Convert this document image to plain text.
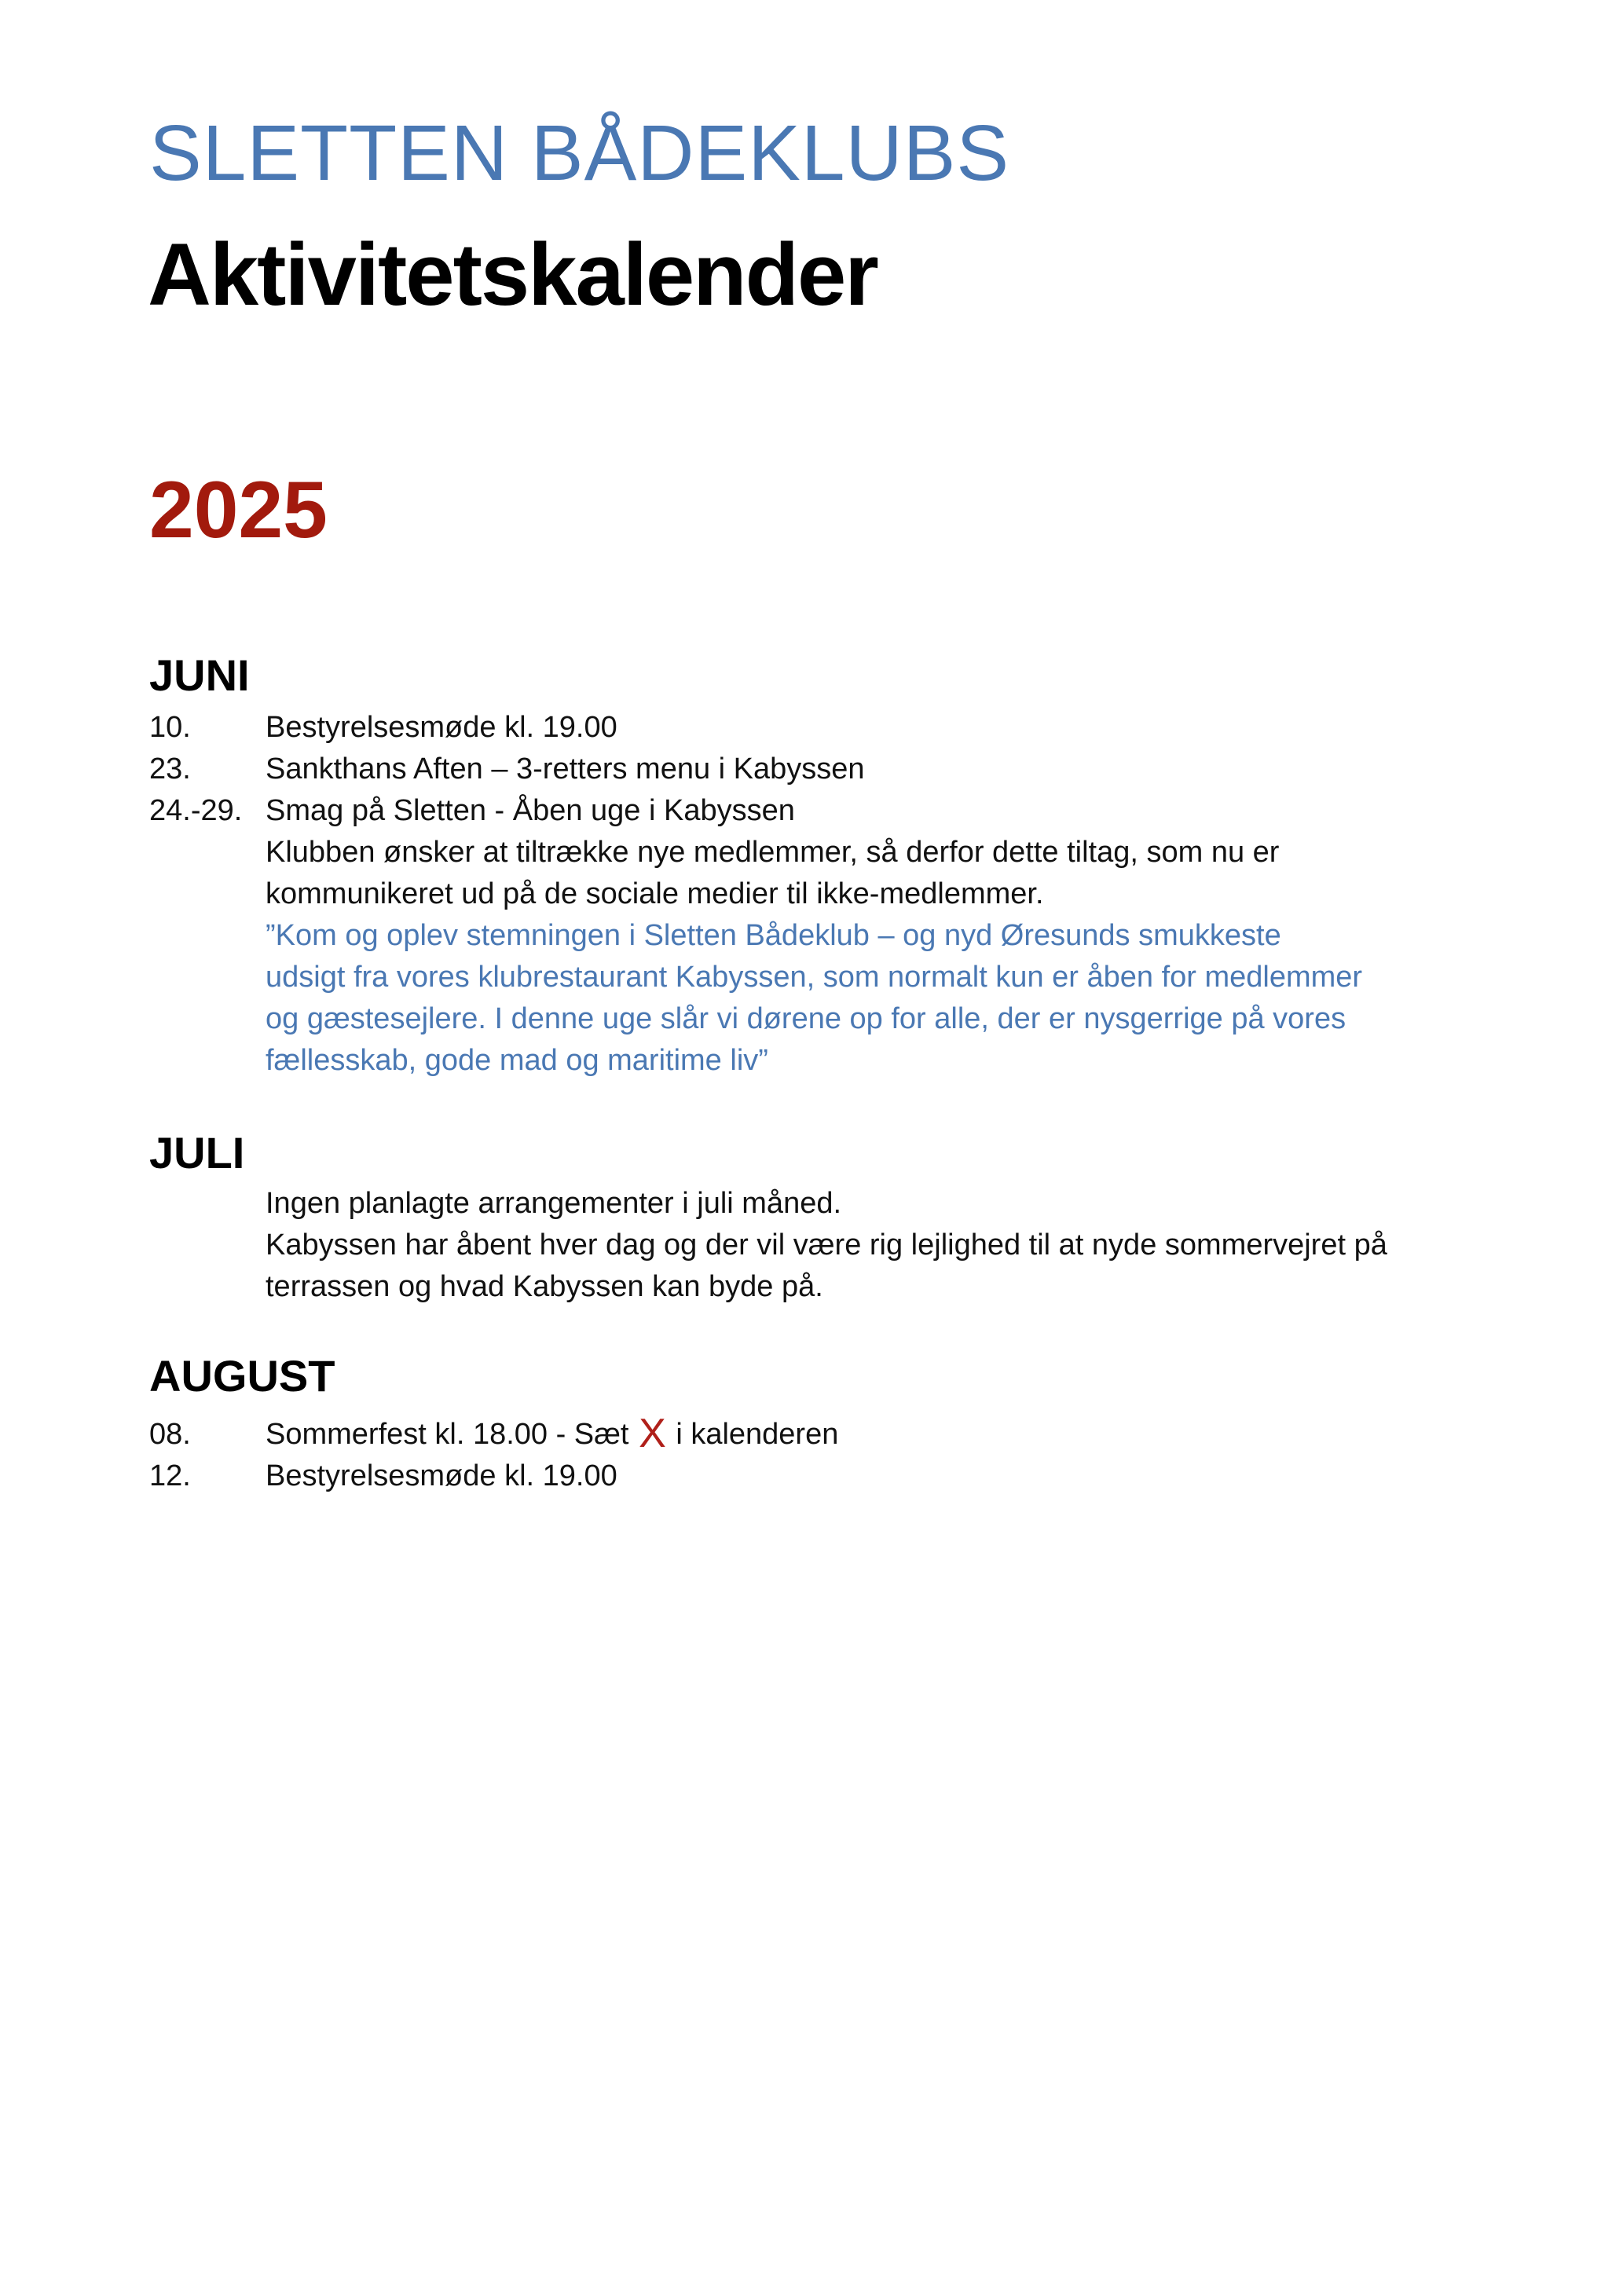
SLETTEN BÅDEKLUBS
Aktivitetskalender
2025
JUNI
10.	Bestyrelsesmøde kl. 19.00
23.	Sankthans Aften – 3-retters menu i Kabyssen
24.-29. Smag på Sletten - Åben uge i Kabyssen
Klubben ønsker at tiltrække nye medlemmer, så derfor dette tiltag, som nu er
kommunikeret ud på de sociale medier til ikke-medlemmer.
”Kom og oplev stemningen i Sletten Bådeklub – og nyd Øresunds smukkeste
udsigt fra vores klubrestaurant Kabyssen, som normalt kun er åben for medlemmer
og gæstesejlere. I denne uge slår vi dørene op for alle, der er nysgerrige på vores
fællesskab, gode mad og maritime liv”
JULI
Ingen planlagte arrangementer i juli måned.
Kabyssen har åbent hver dag og der vil være rig lejlighed til at nyde sommervejret på
terrassen og hvad Kabyssen kan byde på.
AUGUST
08.	Sommerfest kl. 18.00 - Sæt X i kalenderen
12.	Bestyrelsesmøde kl. 19.00
